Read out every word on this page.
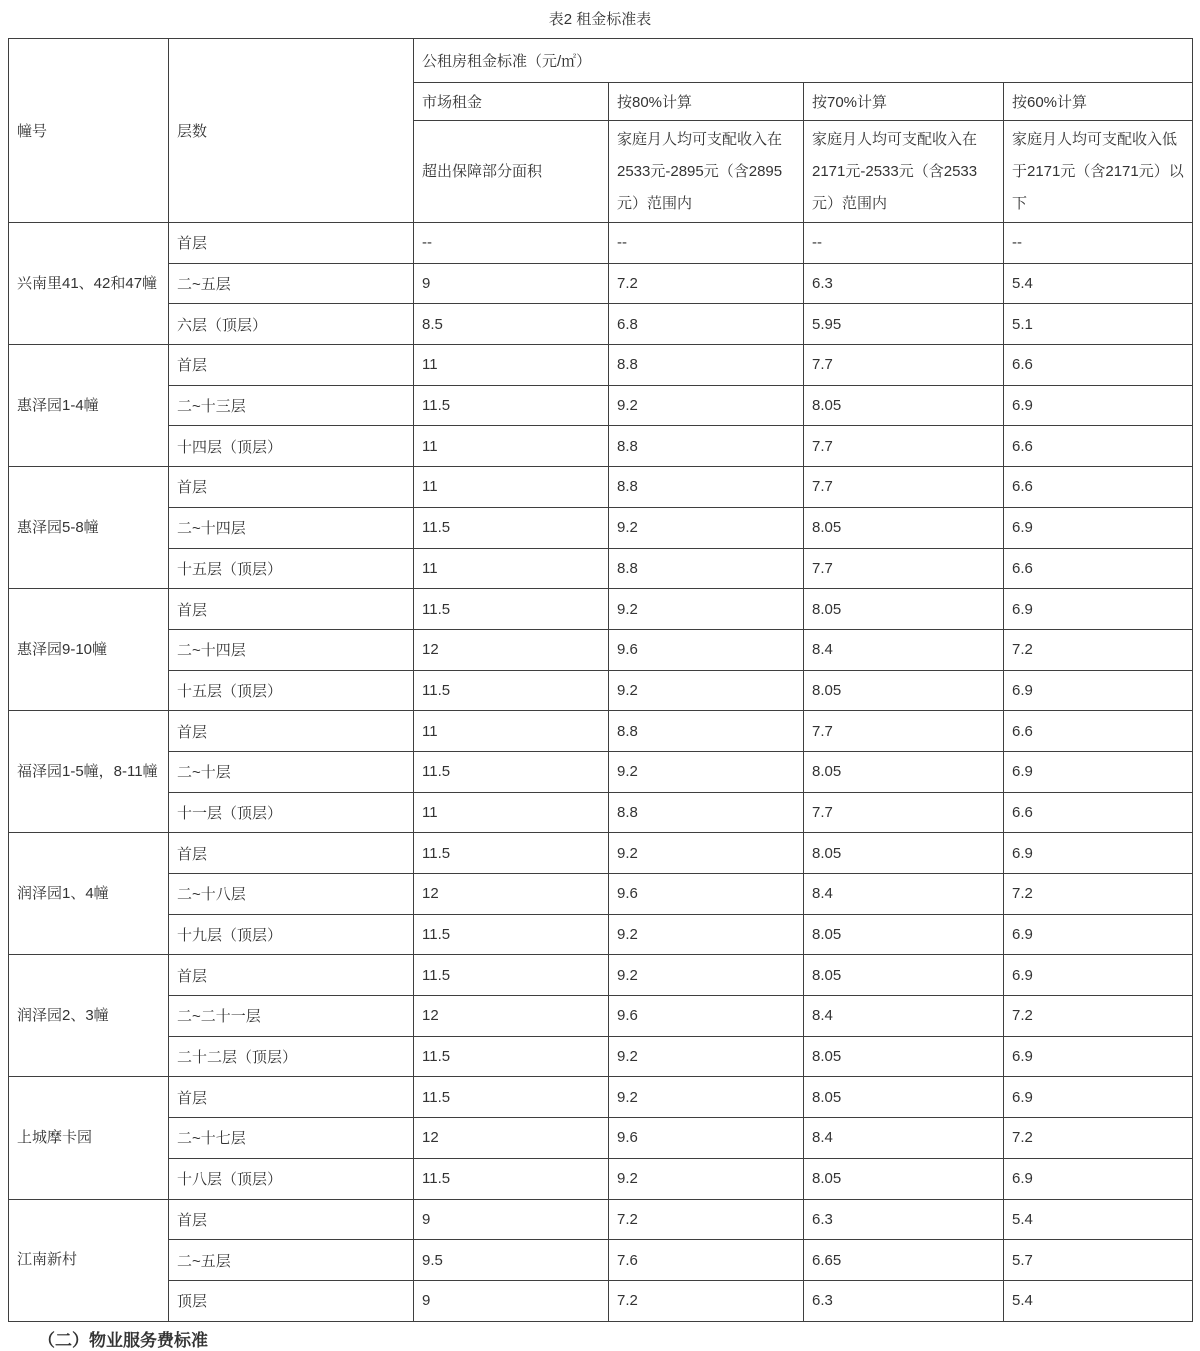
表2 租金标准表
幢号	层数	公租房租金标准（元/㎡）			
		市场租金	按80%计算	按70%计算	按60%计算
		超出保障部分面积	家庭月人均可支配收入在2533元-2895元（含2895元）范围内	家庭月人均可支配收入在2171元-2533元（含2533元）范围内	家庭月人均可支配收入低于2171元（含2171元）以下
兴南里41、42和47幢	首层	--	--	--	--
	二~五层	9	7.2	6.3	5.4
	六层（顶层）	8.5	6.8	5.95	5.1
惠泽园1-4幢	首层	11	8.8	7.7	6.6
	二~十三层	11.5	9.2	8.05	6.9
	十四层（顶层）	11	8.8	7.7	6.6
惠泽园5-8幢	首层	11	8.8	7.7	6.6
	二~十四层	11.5	9.2	8.05	6.9
	十五层（顶层）	11	8.8	7.7	6.6
惠泽园9-10幢	首层	11.5	9.2	8.05	6.9
	二~十四层	12	9.6	8.4	7.2
	十五层（顶层）	11.5	9.2	8.05	6.9
福泽园1-5幢，8-11幢	首层	11	8.8	7.7	6.6
	二~十层	11.5	9.2	8.05	6.9
	十一层（顶层）	11	8.8	7.7	6.6
润泽园1、4幢	首层	11.5	9.2	8.05	6.9
	二~十八层	12	9.6	8.4	7.2
	十九层（顶层）	11.5	9.2	8.05	6.9
润泽园2、3幢	首层	11.5	9.2	8.05	6.9
	二~二十一层	12	9.6	8.4	7.2
	二十二层（顶层）	11.5	9.2	8.05	6.9
上城摩卡园	首层	11.5	9.2	8.05	6.9
	二~十七层	12	9.6	8.4	7.2
	十八层（顶层）	11.5	9.2	8.05	6.9
江南新村	首层	9	7.2	6.3	5.4
	二~五层	9.5	7.6	6.65	5.7
	顶层	9	7.2	6.3	5.4
（二）物业服务费标准
